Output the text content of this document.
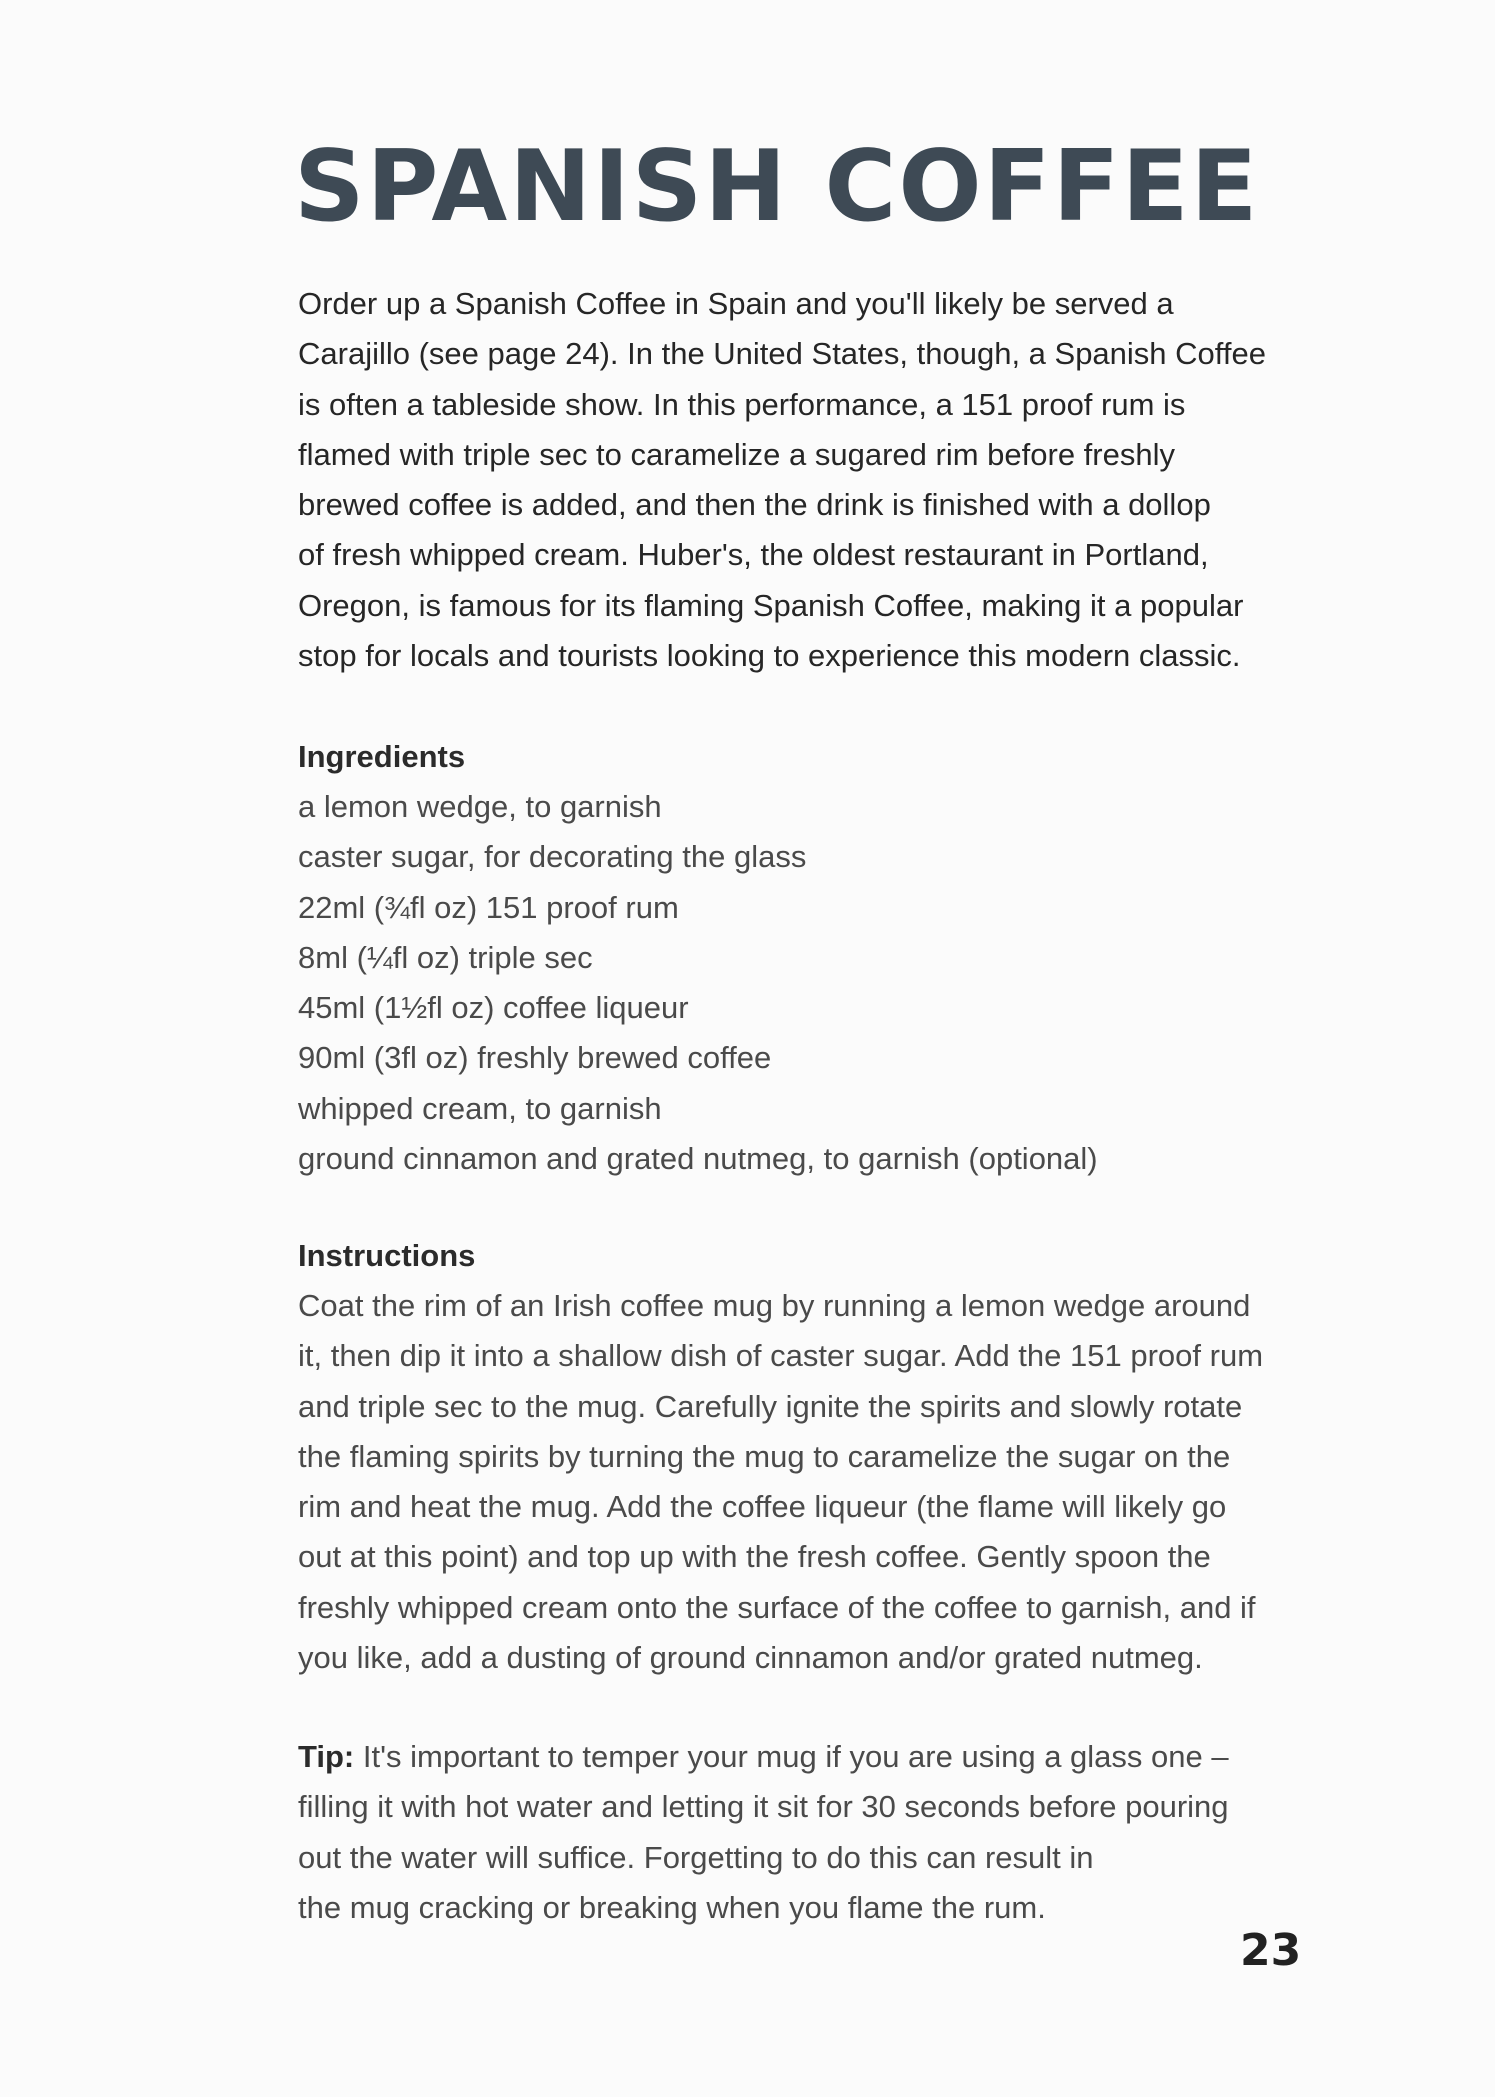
SPANISH COFFEE
Order up a Spanish Coffee in Spain and you'll likely be served a
Carajillo (see page 24). In the United States, though, a Spanish Coffee
is often a tableside show. In this performance, a 151 proof rum is
flamed with triple sec to caramelize a sugared rim before freshly
brewed coffee is added, and then the drink is finished with a dollop
of fresh whipped cream. Huber's, the oldest restaurant in Portland,
Oregon, is famous for its flaming Spanish Coffee, making it a popular
stop for locals and tourists looking to experience this modern classic.
Ingredients
a lemon wedge, to garnish
caster sugar, for decorating the glass
22ml (¾fl oz) 151 proof rum
8ml (¼fl oz) triple sec
45ml (1½fl oz) coffee liqueur
90ml (3fl oz) freshly brewed coffee
whipped cream, to garnish
ground cinnamon and grated nutmeg, to garnish (optional)
Instructions
Coat the rim of an Irish coffee mug by running a lemon wedge around
it, then dip it into a shallow dish of caster sugar. Add the 151 proof rum
and triple sec to the mug. Carefully ignite the spirits and slowly rotate
the flaming spirits by turning the mug to caramelize the sugar on the
rim and heat the mug. Add the coffee liqueur (the flame will likely go
out at this point) and top up with the fresh coffee. Gently spoon the
freshly whipped cream onto the surface of the coffee to garnish, and if
you like, add a dusting of ground cinnamon and/or grated nutmeg.
Tip: It's important to temper your mug if you are using a glass one –
filling it with hot water and letting it sit for 30 seconds before pouring
out the water will suffice. Forgetting to do this can result in
the mug cracking or breaking when you flame the rum.
23
